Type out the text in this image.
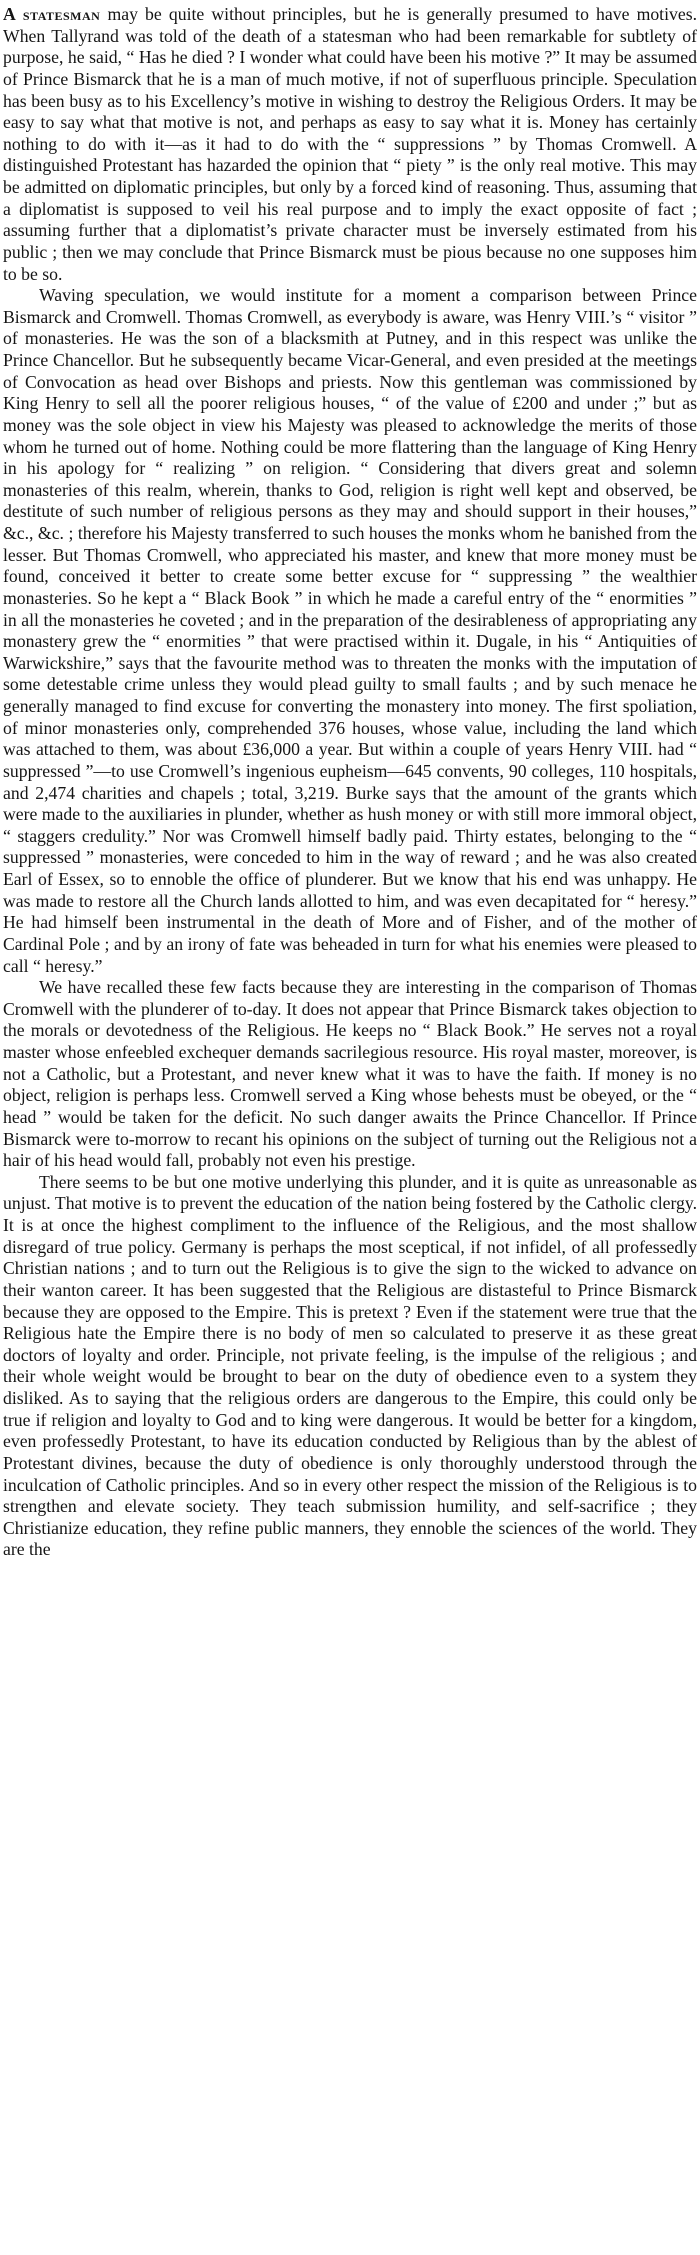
A statesman may be quite without principles, but he is generally presumed to have motives. When Tallyrand was told of the death of a statesman who had been remarkable for subtlety of purpose, he said, “ Has he died ? I wonder what could have been his motive ?” It may be assumed of Prince Bismarck that he is a man of much motive, if not of superfluous principle. Speculation has been busy as to his Excellency’s motive in wishing to destroy the Religious Orders. It may be easy to say what that motive is not, and perhaps as easy to say what it is. Money has certainly nothing to do with it—as it had to do with the “ suppressions ” by Thomas Cromwell. A distinguished Protestant has hazarded the opinion that “ piety ” is the only real motive. This may be admitted on diplomatic principles, but only by a forced kind of reasoning. Thus, assuming that a diplomatist is supposed to veil his real purpose and to imply the exact opposite of fact ; assuming further that a diplomatist’s private character must be inversely estimated from his public ; then we may conclude that Prince Bismarck must be pious because no one supposes him to be so.

Waving speculation, we would institute for a moment a comparison between Prince Bismarck and Cromwell. Thomas Cromwell, as everybody is aware, was Henry VIII.’s “ visitor ” of monasteries. He was the son of a blacksmith at Putney, and in this respect was unlike the Prince Chancellor. But he subsequently became Vicar-General, and even presided at the meetings of Convocation as head over Bishops and priests. Now this gentleman was commissioned by King Henry to sell all the poorer religious houses, “ of the value of £200 and under ;” but as money was the sole object in view his Majesty was pleased to acknowledge the merits of those whom he turned out of home. Nothing could be more flattering than the language of King Henry in his apology for “ realizing ” on religion. “ Considering that divers great and solemn monasteries of this realm, wherein, thanks to God, religion is right well kept and observed, be destitute of such number of religious persons as they may and should support in their houses,” &c., &c. ; therefore his Majesty transferred to such houses the monks whom he banished from the lesser. But Thomas Cromwell, who appreciated his master, and knew that more money must be found, conceived it better to create some better excuse for “ suppressing ” the wealthier monasteries. So he kept a “ Black Book ” in which he made a careful entry of the “ enormities ” in all the monasteries he coveted ; and in the preparation of the desirableness of appropriating any monastery grew the “ enormities ” that were practised within it. Dugale, in his “ Antiquities of Warwickshire,” says that the favourite method was to threaten the monks with the imputation of some detestable crime unless they would plead guilty to small faults ; and by such menace he generally managed to find excuse for converting the monastery into money. The first spoliation, of minor monasteries only, comprehended 376 houses, whose value, including the land which was attached to them, was about £36,000 a year. But within a couple of years Henry VIII. had “ suppressed ”—to use Cromwell’s ingenious eupheism—645 convents, 90 colleges, 110 hospitals, and 2,474 charities and chapels ; total, 3,219. Burke says that the amount of the grants which were made to the auxiliaries in plunder, whether as hush money or with still more immoral object, “ staggers credulity.” Nor was Cromwell himself badly paid. Thirty estates, belonging to the “ suppressed ” monasteries, were conceded to him in the way of reward ; and he was also created Earl of Essex, so to ennoble the office of plunderer. But we know that his end was unhappy. He was made to restore all the Church lands allotted to him, and was even decapitated for “ heresy.” He had himself been instrumental in the death of More and of Fisher, and of the mother of Cardinal Pole ; and by an irony of fate was beheaded in turn for what his enemies were pleased to call “ heresy.”

We have recalled these few facts because they are interesting in the comparison of Thomas Cromwell with the plunderer of to-day. It does not appear that Prince Bismarck takes objection to the morals or devotedness of the Religious. He keeps no “ Black Book.” He serves not a royal master whose enfeebled exchequer demands sacrilegious resource. His royal master, moreover, is not a Catholic, but a Protestant, and never knew what it was to have the faith. If money is no object, religion is perhaps less. Cromwell served a King whose behests must be obeyed, or the “ head ” would be taken for the deficit. No such danger awaits the Prince Chancellor. If Prince Bismarck were to-morrow to recant his opinions on the subject of turning out the Religious not a hair of his head would fall, probably not even his prestige.

There seems to be but one motive underlying this plunder, and it is quite as unreasonable as unjust. That motive is to prevent the education of the nation being fostered by the Catholic clergy. It is at once the highest compliment to the influence of the Religious, and the most shallow disregard of true policy. Germany is perhaps the most sceptical, if not infidel, of all professedly Christian nations ; and to turn out the Religious is to give the sign to the wicked to advance on their wanton career. It has been suggested that the Religious are distasteful to Prince Bismarck because they are opposed to the Empire. This is pretext ? Even if the statement were true that the Religious hate the Empire there is no body of men so calculated to preserve it as these great doctors of loyalty and order. Principle, not private feeling, is the impulse of the religious ; and their whole weight would be brought to bear on the duty of obedience even to a system they disliked. As to saying that the religious orders are dangerous to the Empire, this could only be true if religion and loyalty to God and to king were dangerous. It would be better for a kingdom, even professedly Protestant, to have its education conducted by Religious than by the ablest of Protestant divines, because the duty of obedience is only thoroughly understood through the inculcation of Catholic principles. And so in every other respect the mission of the Religious is to strengthen and elevate society. They teach submission humility, and self-sacrifice ; they Christianize education, they refine public manners, they ennoble the sciences of the world. They are the
